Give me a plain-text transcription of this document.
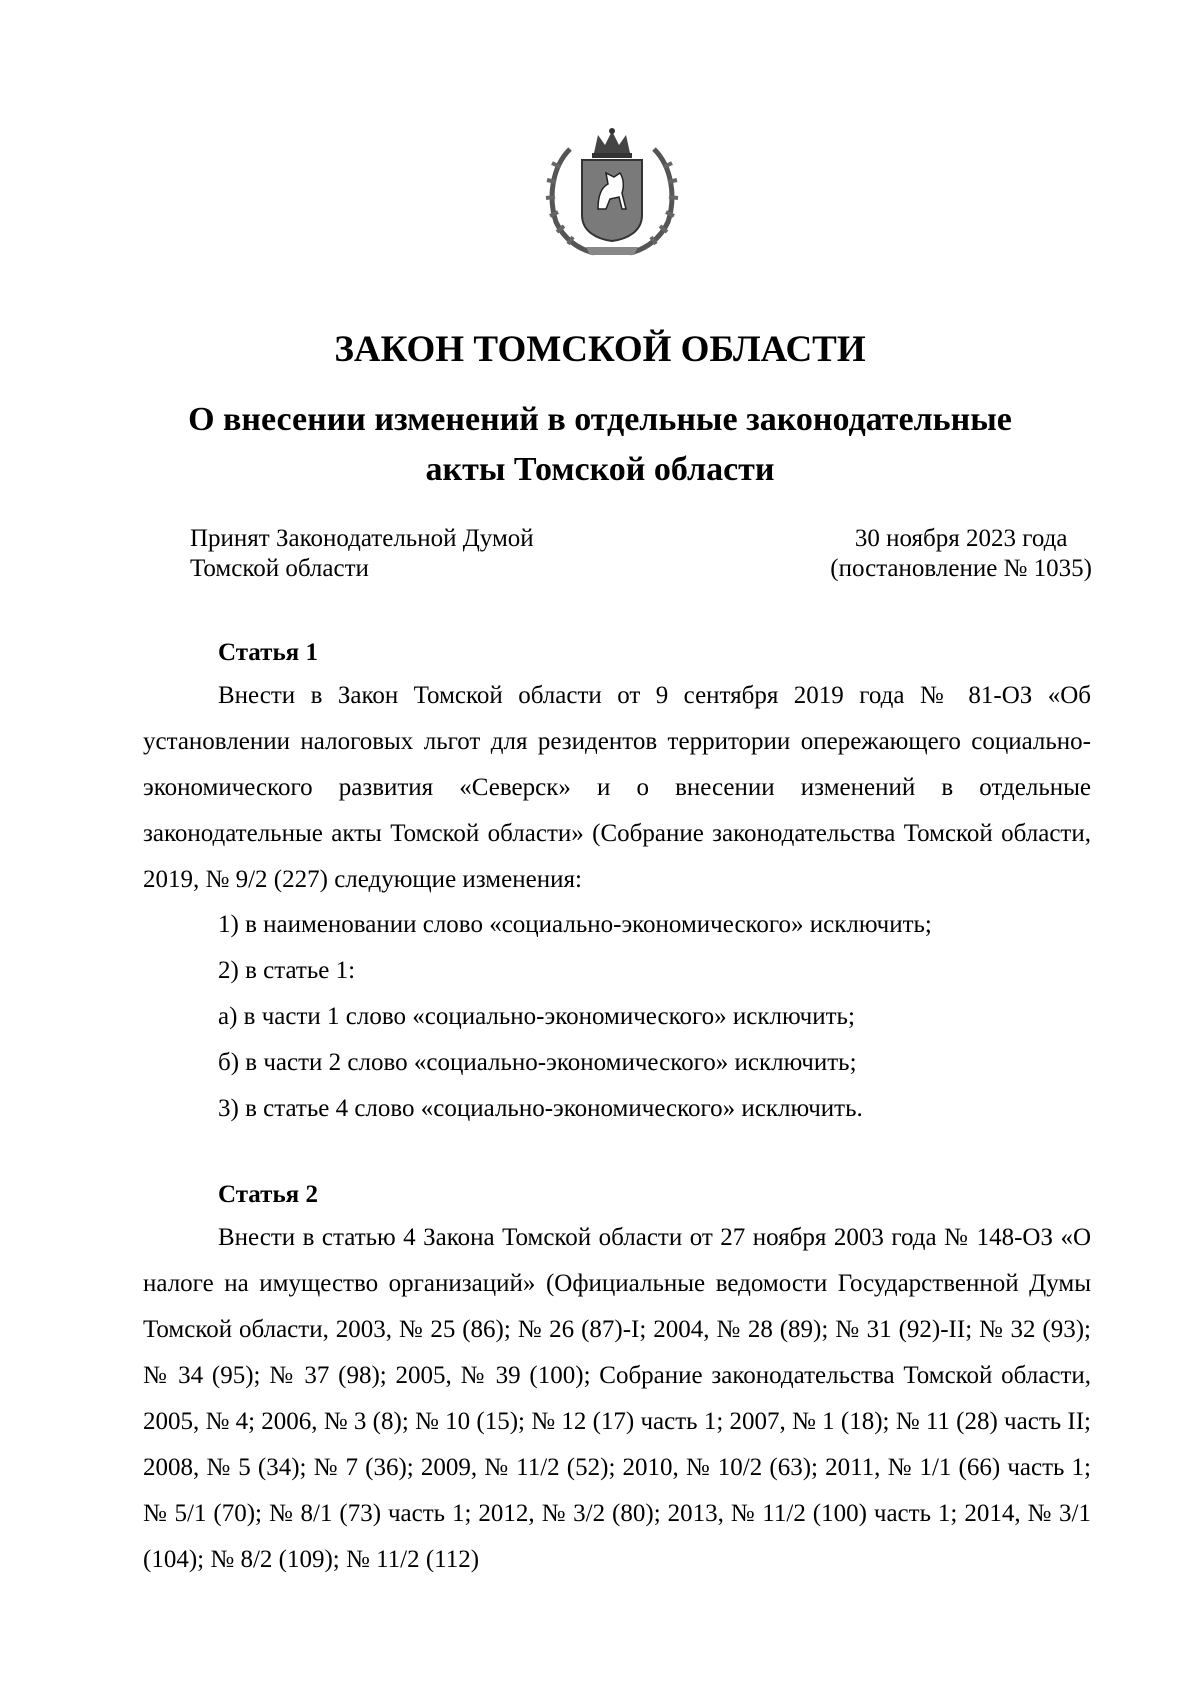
ЗАКОН ТОМСКОЙ ОБЛАСТИ
О внесении изменений в отдельные законодательные
акты Томской области
Принят Законодательной Думой
Томской области
30 ноября 2023 года
(постановление № 1035)
Статья 1

Внести в Закон Томской области от 9 сентября 2019 года № 81-ОЗ «Об установлении налоговых льгот для резидентов территории опережающего социально-экономического развития «Северск» и о внесении изменений в отдельные законодательные акты Томской области» (Собрание законодательства Томской области, 2019, № 9/2 (227) следующие изменения:

1) в наименовании слово «социально-экономического» исключить;
2) в статье 1:
а) в части 1 слово «социально-экономического» исключить;
б) в части 2 слово «социально-экономического» исключить;
3) в статье 4 слово «социально-экономического» исключить.
Статья 2

Внести в статью 4 Закона Томской области от 27 ноября 2003 года № 148-ОЗ «О налоге на имущество организаций» (Официальные ведомости Государственной Думы Томской области, 2003, № 25 (86); № 26 (87)-I; 2004, № 28 (89); № 31 (92)-II; № 32 (93); № 34 (95); № 37 (98); 2005, № 39 (100); Собрание законодательства Томской области, 2005, № 4; 2006, № 3 (8); № 10 (15); № 12 (17) часть 1; 2007, № 1 (18); № 11 (28) часть II; 2008, № 5 (34); № 7 (36); 2009, № 11/2 (52); 2010, № 10/2 (63); 2011, № 1/1 (66) часть 1; № 5/1 (70); № 8/1 (73) часть 1; 2012, № 3/2 (80); 2013, № 11/2 (100) часть 1; 2014, № 3/1 (104); № 8/2 (109); № 11/2 (112)
